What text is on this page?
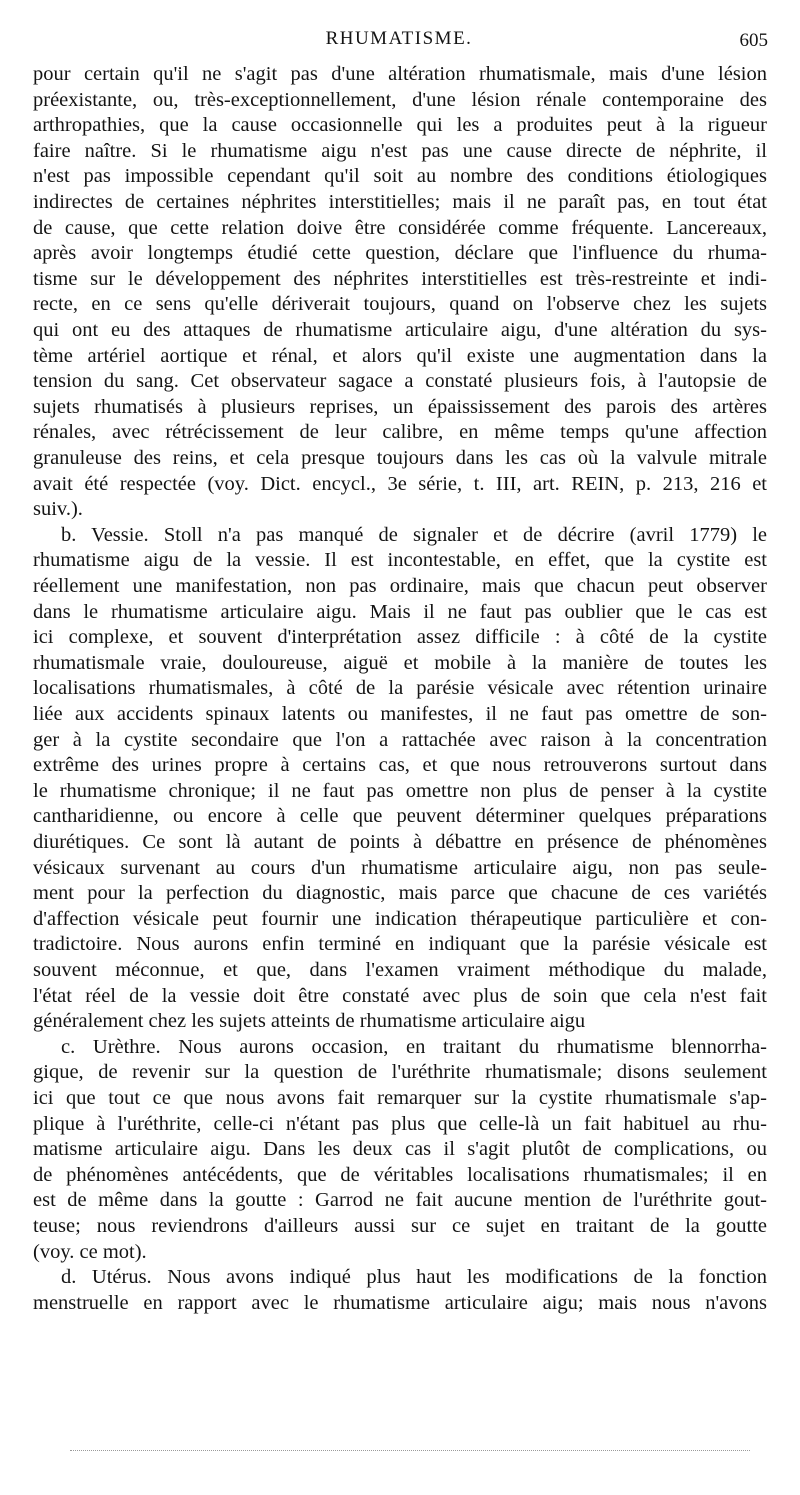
RHUMATISME.	605
pour certain qu'il ne s'agit pas d'une altération rhumatismale, mais d'une lésion
préexistante, ou, très-exceptionnellement, d'une lésion rénale contemporaine des
arthropathies, que la cause occasionnelle qui les a produites peut à la rigueur
faire naître. Si le rhumatisme aigu n'est pas une cause directe de néphrite, il
n'est pas impossible cependant qu'il soit au nombre des conditions étiologiques
indirectes de certaines néphrites interstitielles; mais il ne paraît pas, en tout état
de cause, que cette relation doive être considérée comme fréquente. Lancereaux,
après avoir longtemps étudié cette question, déclare que l'influence du rhuma-
tisme sur le développement des néphrites interstitielles est très-restreinte et indi-
recte, en ce sens qu'elle dériverait toujours, quand on l'observe chez les sujets
qui ont eu des attaques de rhumatisme articulaire aigu, d'une altération du sys-
tème artériel aortique et rénal, et alors qu'il existe une augmentation dans la
tension du sang. Cet observateur sagace a constaté plusieurs fois, à l'autopsie de
sujets rhumatisés à plusieurs reprises, un épaississement des parois des artères
rénales, avec rétrécissement de leur calibre, en même temps qu'une affection
granuleuse des reins, et cela presque toujours dans les cas où la valvule mitrale
avait été respectée (voy. Dict. encycl., 3e série, t. III, art. REIN, p. 213, 216 et
suiv.).
b. Vessie. Stoll n'a pas manqué de signaler et de décrire (avril 1779) le
rhumatisme aigu de la vessie. Il est incontestable, en effet, que la cystite est
réellement une manifestation, non pas ordinaire, mais que chacun peut observer
dans le rhumatisme articulaire aigu. Mais il ne faut pas oublier que le cas est
ici complexe, et souvent d'interprétation assez difficile : à côté de la cystite
rhumatismale vraie, douloureuse, aiguë et mobile à la manière de toutes les
localisations rhumatismales, à côté de la parésie vésicale avec rétention urinaire
liée aux accidents spinaux latents ou manifestes, il ne faut pas omettre de son-
ger à la cystite secondaire que l'on a rattachée avec raison à la concentration
extrême des urines propre à certains cas, et que nous retrouverons surtout dans
le rhumatisme chronique; il ne faut pas omettre non plus de penser à la cystite
cantharidienne, ou encore à celle que peuvent déterminer quelques préparations
diurétiques. Ce sont là autant de points à débattre en présence de phénomènes
vésicaux survenant au cours d'un rhumatisme articulaire aigu, non pas seule-
ment pour la perfection du diagnostic, mais parce que chacune de ces variétés
d'affection vésicale peut fournir une indication thérapeutique particulière et con-
tradictoire. Nous aurons enfin terminé en indiquant que la parésie vésicale est
souvent méconnue, et que, dans l'examen vraiment méthodique du malade,
l'état réel de la vessie doit être constaté avec plus de soin que cela n'est fait
généralement chez les sujets atteints de rhumatisme articulaire aigu
c. Urèthre. Nous aurons occasion, en traitant du rhumatisme blennorrha-
gique, de revenir sur la question de l'uréthrite rhumatismale; disons seulement
ici que tout ce que nous avons fait remarquer sur la cystite rhumatismale s'ap-
plique à l'uréthrite, celle-ci n'étant pas plus que celle-là un fait habituel au rhu-
matisme articulaire aigu. Dans les deux cas il s'agit plutôt de complications, ou
de phénomènes antécédents, que de véritables localisations rhumatismales; il en
est de même dans la goutte : Garrod ne fait aucune mention de l'uréthrite gout-
teuse; nous reviendrons d'ailleurs aussi sur ce sujet en traitant de la goutte
(voy. ce mot).
d. Utérus. Nous avons indiqué plus haut les modifications de la fonction
menstruelle en rapport avec le rhumatisme articulaire aigu; mais nous n'avons
